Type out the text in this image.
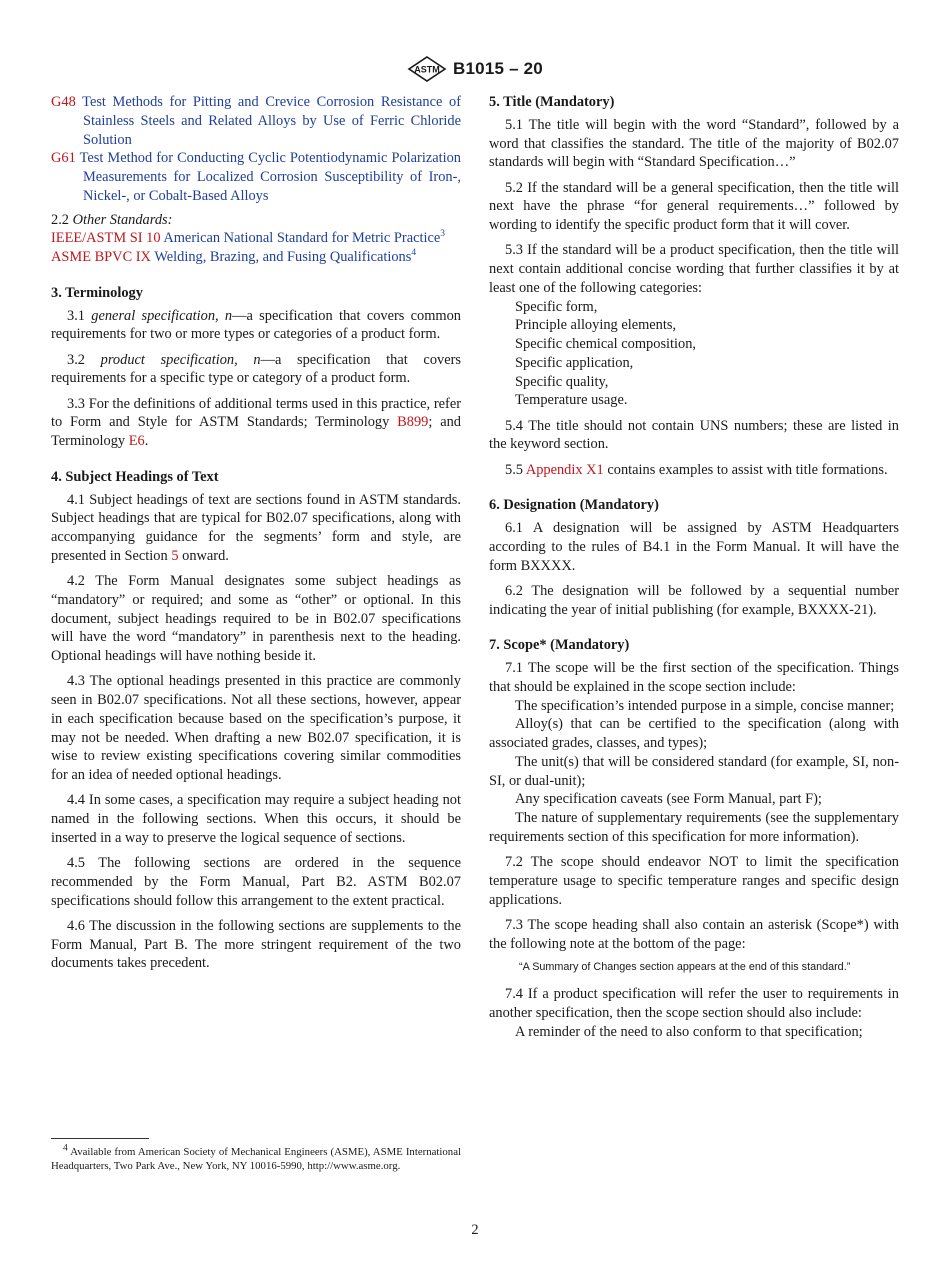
ASTM B1015 – 20

G48 Test Methods for Pitting and Crevice Corrosion Resistance of Stainless Steels and Related Alloys by Use of Ferric Chloride Solution

G61 Test Method for Conducting Cyclic Potentiodynamic Polarization Measurements for Localized Corrosion Susceptibility of Iron-, Nickel-, or Cobalt-Based Alloys

2.2 Other Standards:

IEEE/ASTM SI 10 American National Standard for Metric Practice$^3$

ASME BPVC IX Welding, Brazing, and Fusing Qualifications$^4$

3. Terminology

3.1 general specification, n—a specification that covers common requirements for two or more types or categories of a product form.

3.2 product specification, n—a specification that covers requirements for a specific type or category of a product form.

3.3 For the definitions of additional terms used in this practice, refer to Form and Style for ASTM Standards; Terminology B899; and Terminology E6.

4. Subject Headings of Text

4.1 Subject headings of text are sections found in ASTM standards. Subject headings that are typical for B02.07 specifications, along with accompanying guidance for the segments’ form and style, are presented in Section 5 onward.

4.2 The Form Manual designates some subject headings as “mandatory” or required; and some as “other” or optional. In this document, subject headings required to be in B02.07 specifications will have the word “mandatory” in parenthesis next to the heading. Optional headings will have nothing beside it.

4.3 The optional headings presented in this practice are commonly seen in B02.07 specifications. Not all these sections, however, appear in each specification because based on the specification’s purpose, it may not be needed. When drafting a new B02.07 specification, it is wise to review existing specifications covering similar commodities for an idea of needed optional headings.

4.4 In some cases, a specification may require a subject heading not named in the following sections. When this occurs, it should be inserted in a way to preserve the logical sequence of sections.

4.5 The following sections are ordered in the sequence recommended by the Form Manual, Part B2. ASTM B02.07 specifications should follow this arrangement to the extent practical.

4.6 The discussion in the following sections are supplements to the Form Manual, Part B. The more stringent requirement of the two documents takes precedent.

$^4$ Available from American Society of Mechanical Engineers (ASME), ASME International Headquarters, Two Park Ave., New York, NY 10016-5990, http://www.asme.org.

5. Title (Mandatory)

5.1 The title will begin with the word “Standard”, followed by a word that classifies the standard. The title of the majority of B02.07 standards will begin with “Standard Specification…”

5.2 If the standard will be a general specification, then the title will next have the phrase “for general requirements…” followed by wording to identify the specific product form that it will cover.

5.3 If the standard will be a product specification, then the title will next contain additional concise wording that further classifies it by at least one of the following categories:

Specific form,
Principle alloying elements,
Specific chemical composition,
Specific application,
Specific quality,
Temperature usage.

5.4 The title should not contain UNS numbers; these are listed in the keyword section.

5.5 Appendix X1 contains examples to assist with title formations.

6. Designation (Mandatory)

6.1 A designation will be assigned by ASTM Headquarters according to the rules of B4.1 in the Form Manual. It will have the form BXXXX.

6.2 The designation will be followed by a sequential number indicating the year of initial publishing (for example, BXXXX-21).

7. Scope* (Mandatory)

7.1 The scope will be the first section of the specification. Things that should be explained in the scope section include:

The specification’s intended purpose in a simple, concise manner;

Alloy(s) that can be certified to the specification (along with associated grades, classes, and types);

The unit(s) that will be considered standard (for example, SI, non-SI, or dual-unit);

Any specification caveats (see Form Manual, part F);

The nature of supplementary requirements (see the supplementary requirements section of this specification for more information).

7.2 The scope should endeavor NOT to limit the specification temperature usage to specific temperature ranges and specific design applications.

7.3 The scope heading shall also contain an asterisk (Scope*) with the following note at the bottom of the page:

“A Summary of Changes section appears at the end of this standard.”

7.4 If a product specification will refer the user to requirements in another specification, then the scope section should also include:

A reminder of the need to also conform to that specification;

2
